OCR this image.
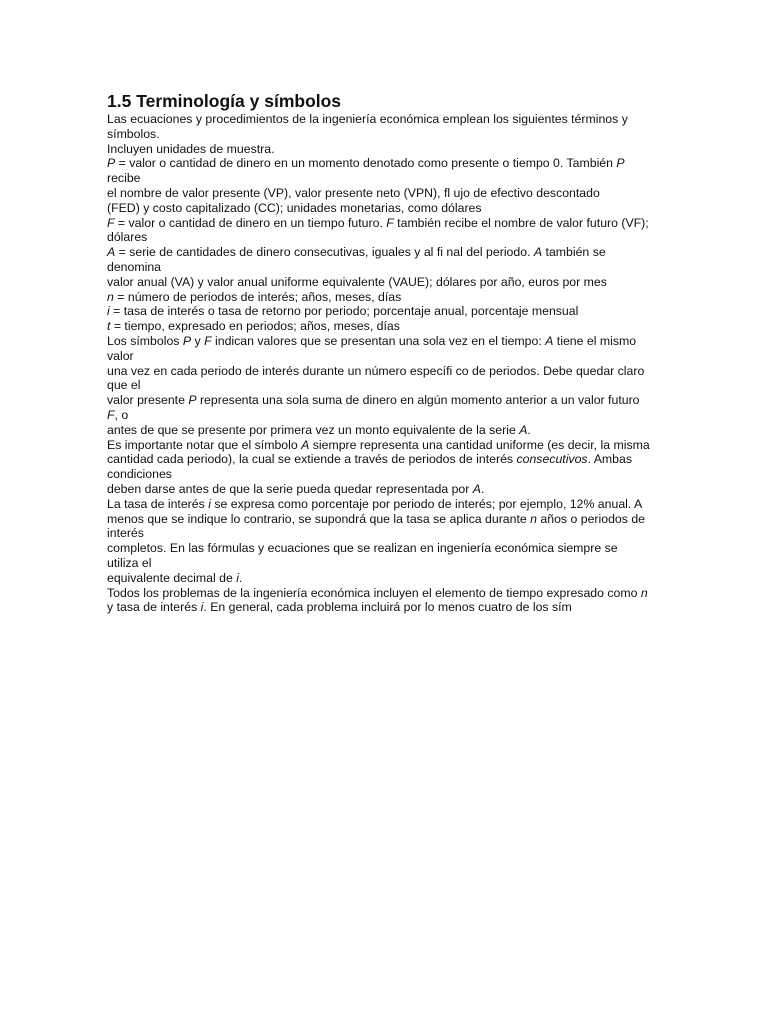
1.5 Terminología y símbolos
Las ecuaciones y procedimientos de la ingeniería económica emplean los siguientes términos y
símbolos.
Incluyen unidades de muestra.
P = valor o cantidad de dinero en un momento denotado como presente o tiempo 0. También P
recibe
el nombre de valor presente (VP), valor presente neto (VPN), fl ujo de efectivo descontado
(FED) y costo capitalizado (CC); unidades monetarias, como dólares
F = valor o cantidad de dinero en un tiempo futuro. F también recibe el nombre de valor futuro (VF);
dólares
A = serie de cantidades de dinero consecutivas, iguales y al fi nal del periodo. A también se
denomina
valor anual (VA) y valor anual uniforme equivalente (VAUE); dólares por año, euros por mes
n = número de periodos de interés; años, meses, días
i = tasa de interés o tasa de retorno por periodo; porcentaje anual, porcentaje mensual
t = tiempo, expresado en periodos; años, meses, días
Los símbolos P y F indican valores que se presentan una sola vez en el tiempo: A tiene el mismo
valor
una vez en cada periodo de interés durante un número específi co de periodos. Debe quedar claro
que el
valor presente P representa una sola suma de dinero en algún momento anterior a un valor futuro
F, o
antes de que se presente por primera vez un monto equivalente de la serie A.
Es importante notar que el símbolo A siempre representa una cantidad uniforme (es decir, la misma
cantidad cada periodo), la cual se extiende a través de periodos de interés consecutivos. Ambas
condiciones
deben darse antes de que la serie pueda quedar representada por A.
La tasa de interés i se expresa como porcentaje por periodo de interés; por ejemplo, 12% anual. A
menos que se indique lo contrario, se supondrá que la tasa se aplica durante n años o periodos de
interés
completos. En las fórmulas y ecuaciones que se realizan en ingeniería económica siempre se
utiliza el
equivalente decimal de i.
Todos los problemas de la ingeniería económica incluyen el elemento de tiempo expresado como n
y tasa de interés i. En general, cada problema incluirá por lo menos cuatro de los sím
